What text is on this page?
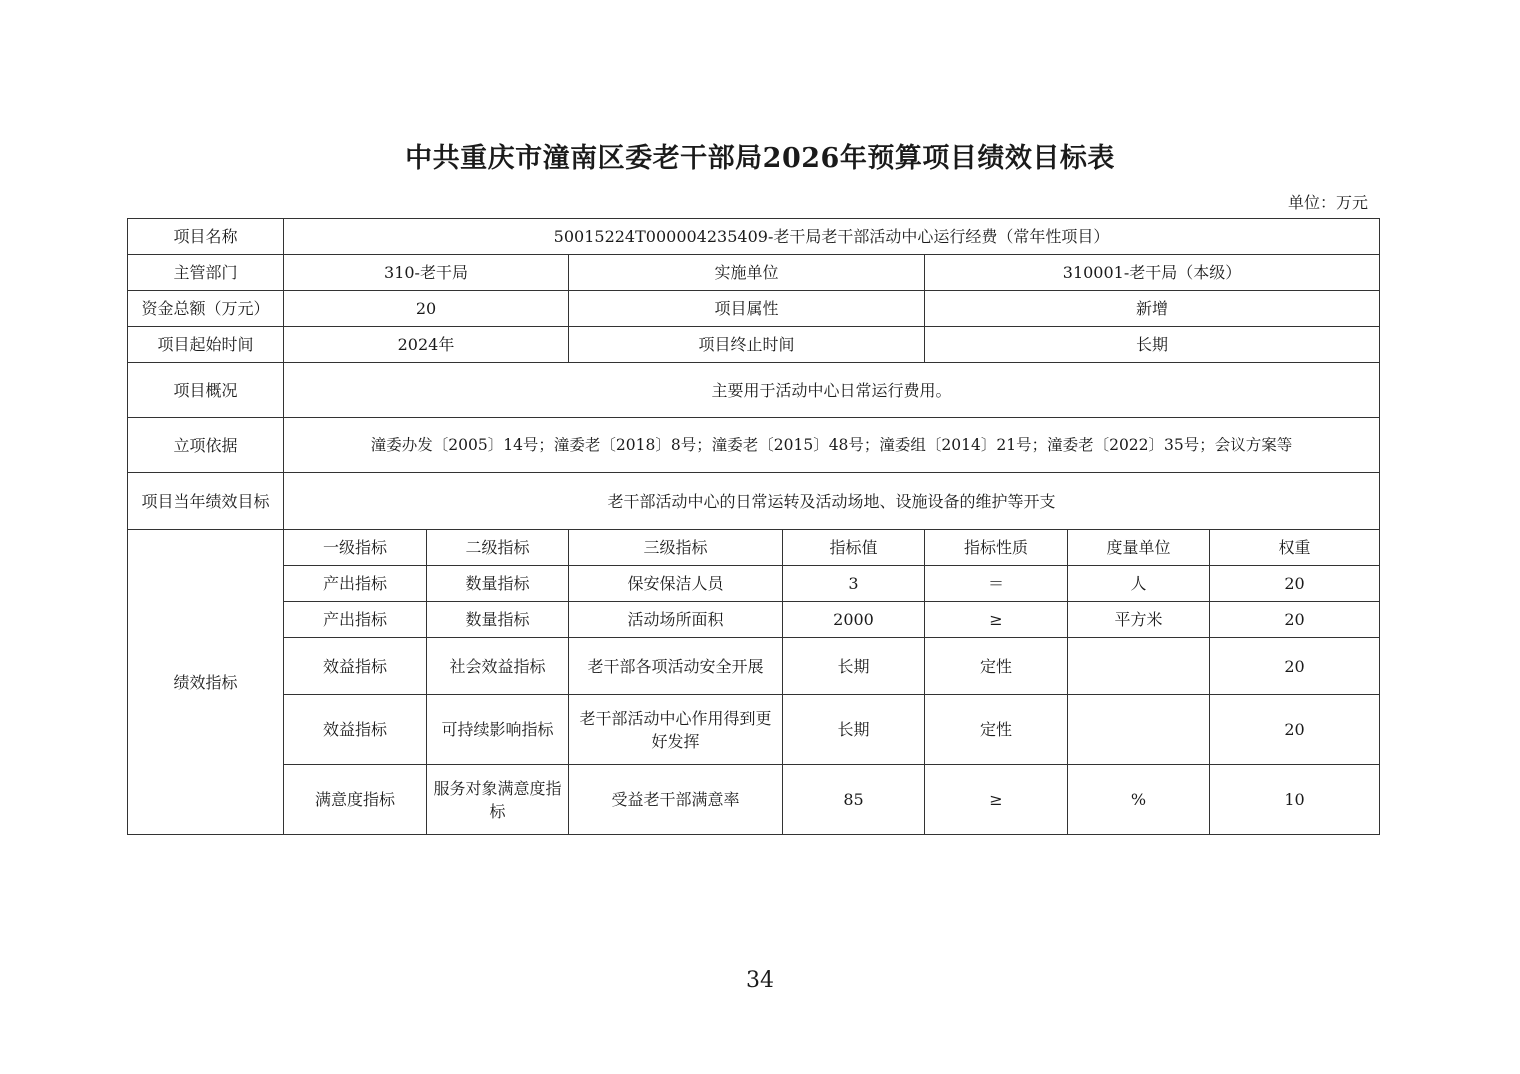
中共重庆市潼南区委老干部局2026年预算项目绩效目标表
单位：万元
项目名称	50015224T000004235409-老干局老干部活动中心运行经费（常年性项目）						
主管部门	310-老干局		实施单位		310001-老干局（本级）		
资金总额（万元）	20		项目属性		新增		
项目起始时间	2024年		项目终止时间		长期		
项目概况	主要用于活动中心日常运行费用。						
立项依据	潼委办发〔2005〕14号；潼委老〔2018〕8号；潼委老〔2015〕48号；潼委组〔2014〕21号；潼委老〔2022〕35号；会议方案等						
项目当年绩效目标	老干部活动中心的日常运转及活动场地、设施设备的维护等开支						
绩效指标	一级指标	二级指标	三级指标	指标值	指标性质	度量单位	权重
	产出指标	数量指标	保安保洁人员	3	＝	人	20
	产出指标	数量指标	活动场所面积	2000	≥	平方米	20
	效益指标	社会效益指标	老干部各项活动安全开展	长期	定性		20
	效益指标	可持续影响指标	老干部活动中心作用得到更好发挥	长期	定性		20
	满意度指标	服务对象满意度指标	受益老干部满意率	85	≥	%	10
34
